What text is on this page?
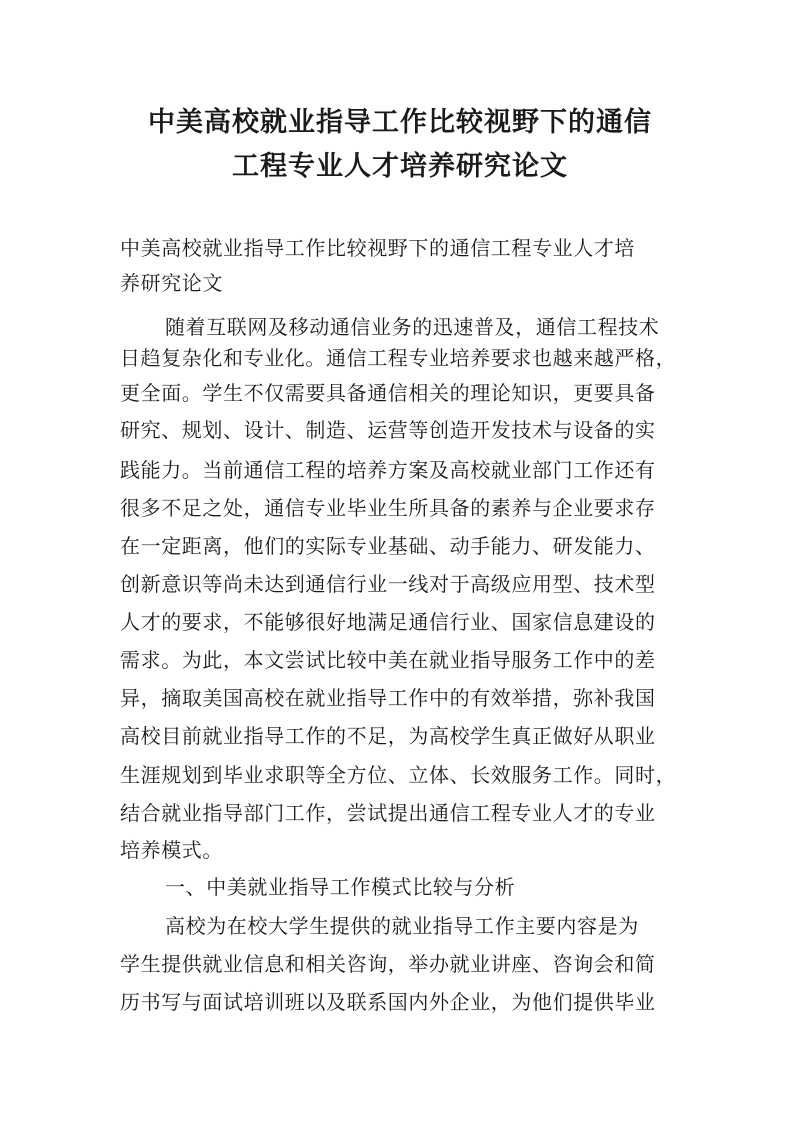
中美高校就业指导工作比较视野下的通信
工程专业人才培养研究论文

中美高校就业指导工作比较视野下的通信工程专业人才培

养研究论文

随着互联网及移动通信业务的迅速普及，通信工程技术

日趋复杂化和专业化。通信工程专业培养要求也越来越严格，

更全面。学生不仅需要具备通信相关的理论知识，更要具备

研究、规划、设计、制造、运营等创造开发技术与设备的实

践能力。当前通信工程的培养方案及高校就业部门工作还有

很多不足之处，通信专业毕业生所具备的素养与企业要求存

在一定距离，他们的实际专业基础、动手能力、研发能力、

创新意识等尚未达到通信行业一线对于高级应用型、技术型

人才的要求，不能够很好地满足通信行业、国家信息建设的

需求。为此，本文尝试比较中美在就业指导服务工作中的差

异，摘取美国高校在就业指导工作中的有效举措，弥补我国

高校目前就业指导工作的不足，为高校学生真正做好从职业

生涯规划到毕业求职等全方位、立体、长效服务工作。同时，

结合就业指导部门工作，尝试提出通信工程专业人才的专业

培养模式。

一、中美就业指导工作模式比较与分析

高校为在校大学生提供的就业指导工作主要内容是为

学生提供就业信息和相关咨询，举办就业讲座、咨询会和简

历书写与面试培训班以及联系国内外企业，为他们提供毕业
